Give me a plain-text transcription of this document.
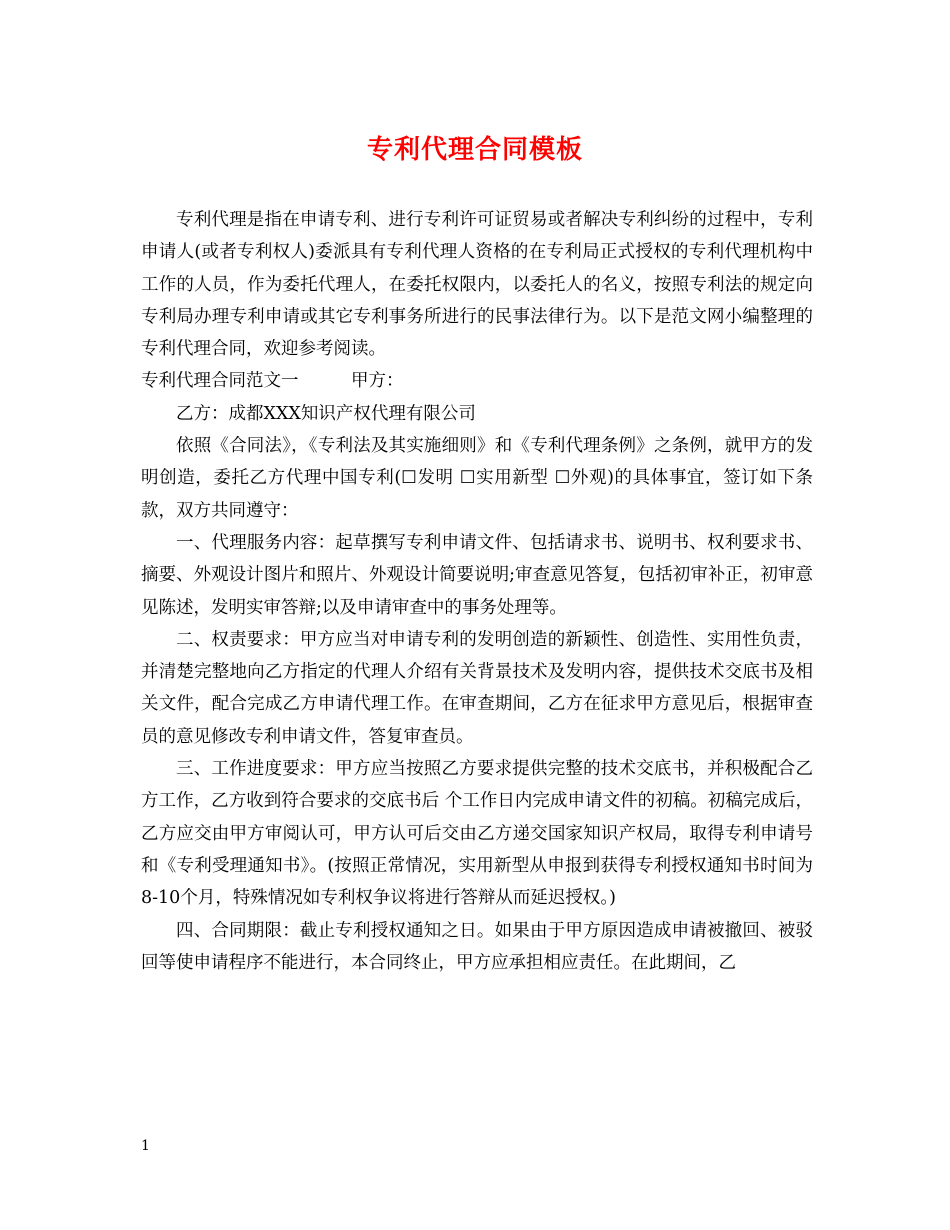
专利代理合同模板

专利代理是指在申请专利、进行专利许可证贸易或者解决专利纠纷的过程中，专利申请人(或者专利权人)委派具有专利代理人资格的在专利局正式授权的专利代理机构中工作的人员，作为委托代理人，在委托权限内，以委托人的名义，按照专利法的规定向专利局办理专利申请或其它专利事务所进行的民事法律行为。以下是范文网小编整理的专利代理合同，欢迎参考阅读。

专利代理合同范文一	甲方：

乙方：成都XXX知识产权代理有限公司

依照《合同法》，《专利法及其实施细则》和《专利代理条例》之条例，就甲方的发明创造，委托乙方代理中国专利(☐发明 ☐实用新型 ☐外观)的具体事宜，签订如下条款，双方共同遵守：

一、代理服务内容：起草撰写专利申请文件、包括请求书、说明书、权利要求书、摘要、外观设计图片和照片、外观设计简要说明;审查意见答复，包括初审补正，初审意见陈述，发明实审答辩;以及申请审查中的事务处理等。

二、权责要求：甲方应当对申请专利的发明创造的新颖性、创造性、实用性负责，并清楚完整地向乙方指定的代理人介绍有关背景技术及发明内容，提供技术交底书及相关文件，配合完成乙方申请代理工作。在审查期间，乙方在征求甲方意见后，根据审查员的意见修改专利申请文件，答复审查员。

三、工作进度要求：甲方应当按照乙方要求提供完整的技术交底书，并积极配合乙方工作，乙方收到符合要求的交底书后 个工作日内完成申请文件的初稿。初稿完成后，乙方应交由甲方审阅认可，甲方认可后交由乙方递交国家知识产权局，取得专利申请号和《专利受理通知书》。(按照正常情况，实用新型从申报到获得专利授权通知书时间为8-10个月，特殊情况如专利权争议将进行答辩从而延迟授权。)

四、合同期限：截止专利授权通知之日。如果由于甲方原因造成申请被撤回、被驳回等使申请程序不能进行，本合同终止，甲方应承担相应责任。在此期间，乙

1
